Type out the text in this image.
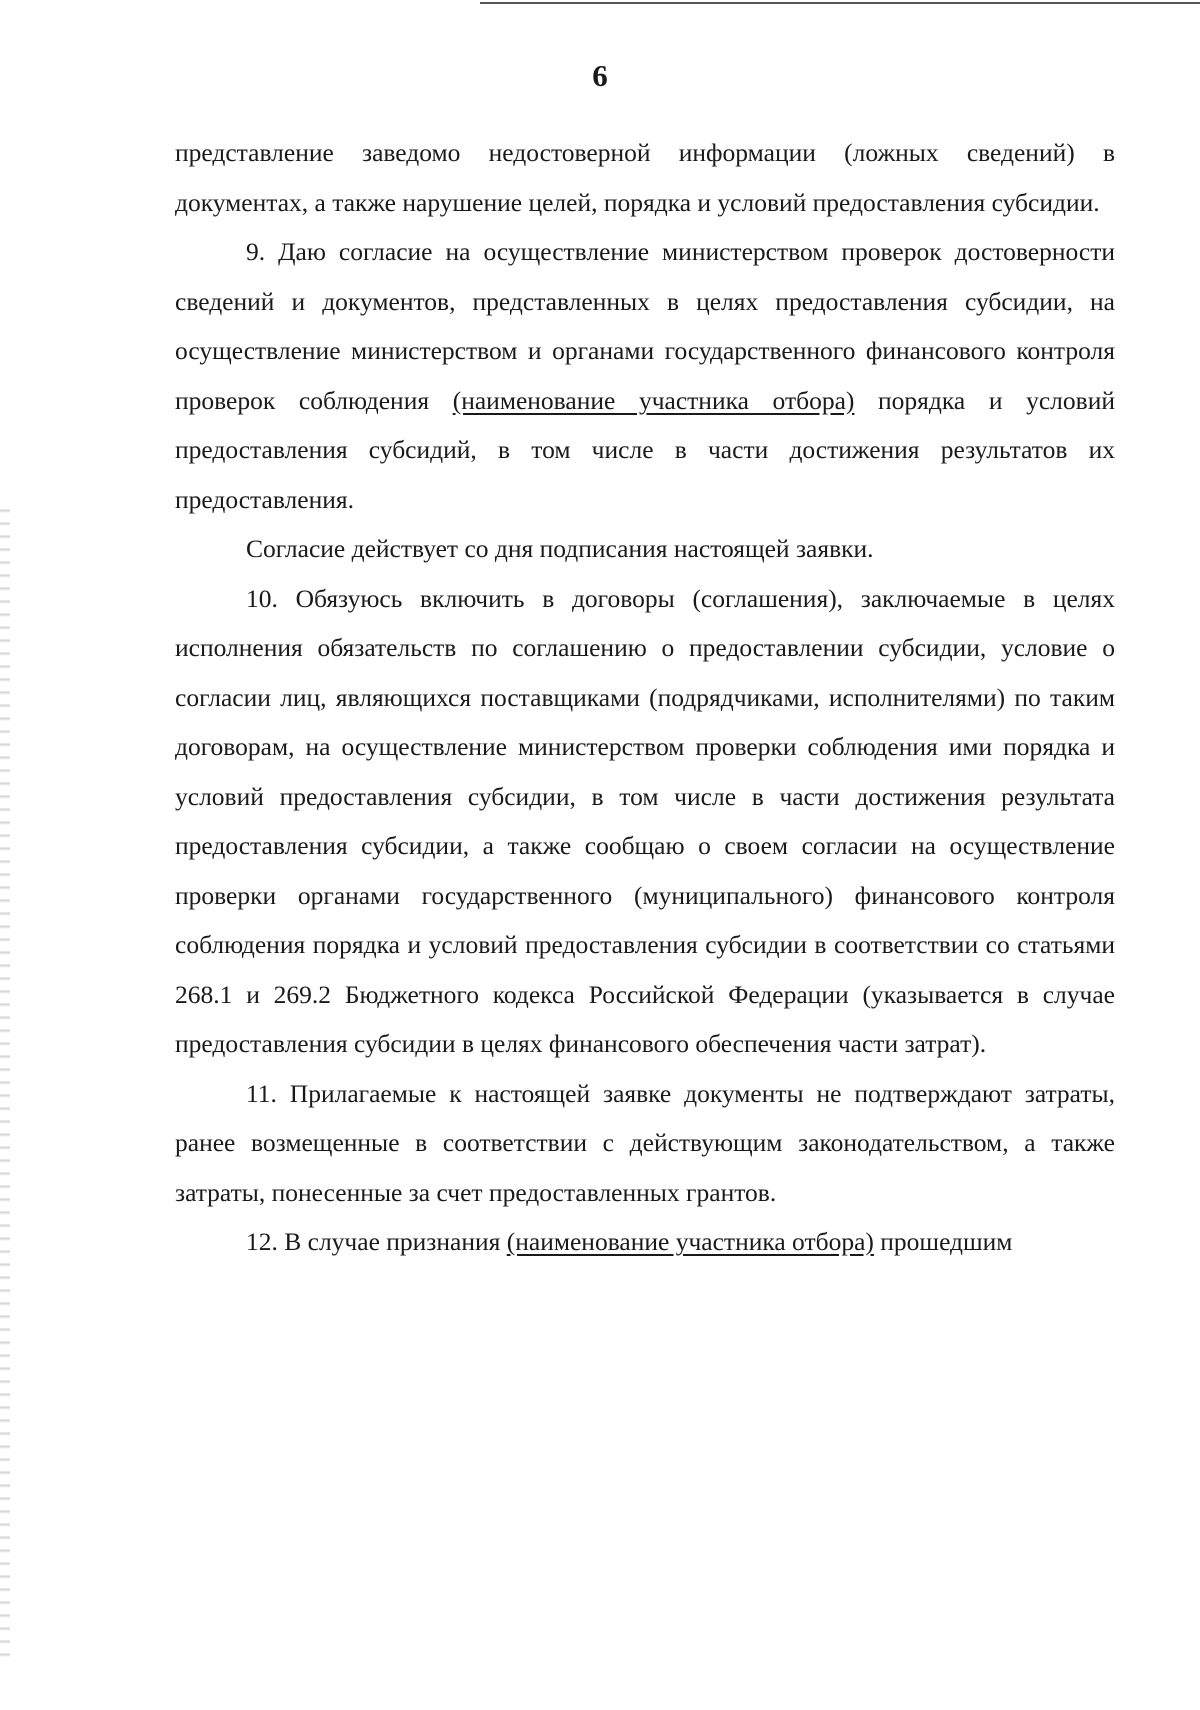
6

представление заведомо недостоверной информации (ложных сведений) в документах, а также нарушение целей, порядка и условий предоставления субсидии.

9. Даю согласие на осуществление министерством проверок достоверности сведений и документов, представленных в целях предоставления субсидии, на осуществление министерством и органами государственного финансового контроля проверок соблюдения (наименование участника отбора) порядка и условий предоставления субсидий, в том числе в части достижения результатов их предоставления.

Согласие действует со дня подписания настоящей заявки.

10. Обязуюсь включить в договоры (соглашения), заключаемые в целях исполнения обязательств по соглашению о предоставлении субсидии, условие о согласии лиц, являющихся поставщиками (подрядчиками, исполнителями) по таким договорам, на осуществление министерством проверки соблюдения ими порядка и условий предоставления субсидии, в том числе в части достижения результата предоставления субсидии, а также сообщаю о своем согласии на осуществление проверки органами государственного (муниципального) финансового контроля соблюдения порядка и условий предоставления субсидии в соответствии со статьями 268.1 и 269.2 Бюджетного кодекса Российской Федерации (указывается в случае предоставления субсидии в целях финансового обеспечения части затрат).

11. Прилагаемые к настоящей заявке документы не подтверждают затраты, ранее возмещенные в соответствии с действующим законодательством, а также затраты, понесенные за счет предоставленных грантов.

12. В случае признания (наименование участника отбора) прошедшим
